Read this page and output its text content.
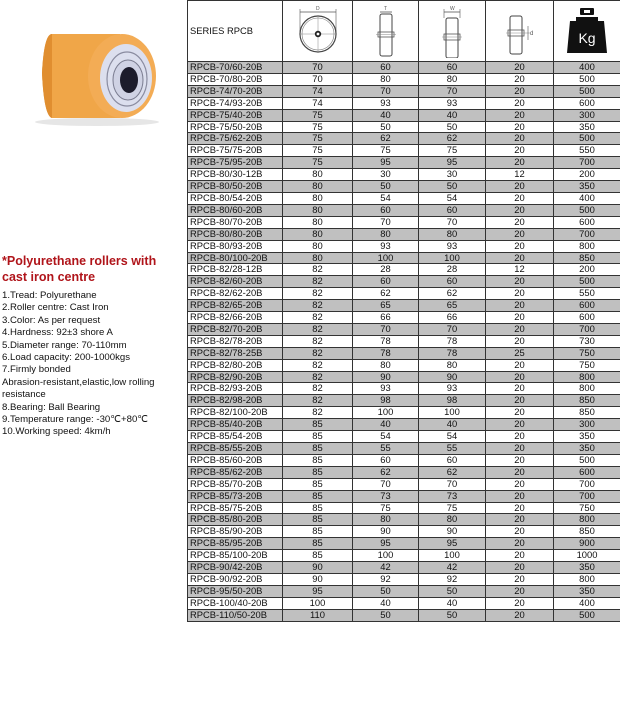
*Polyurethane rollers with cast iron centre
1.Tread: Polyurethane
2.Roller centre: Cast Iron
3.Color: As per request
4.Hardness: 92±3 shore A
5.Diameter range: 70-110mm
6.Load capacity: 200-1000kgs
7.Firmly bonded
Abrasion-resistant,elastic,low rolling resistance
8.Bearing: Ball Bearing
9.Temperature range: -30℃+80℃
10.Working speed: 4km/h
SERIES RPCB	D	T	W	d	Kg

RPCB-70/60-20B	70	60	60	20	400
RPCB-70/80-20B	70	80	80	20	500
RPCB-74/70-20B	74	70	70	20	500
RPCB-74/93-20B	74	93	93	20	600
RPCB-75/40-20B	75	40	40	20	300
RPCB-75/50-20B	75	50	50	20	350
RPCB-75/62-20B	75	62	62	20	500
RPCB-75/75-20B	75	75	75	20	550
RPCB-75/95-20B	75	95	95	20	700
RPCB-80/30-12B	80	30	30	12	200
RPCB-80/50-20B	80	50	50	20	350
RPCB-80/54-20B	80	54	54	20	400
RPCB-80/60-20B	80	60	60	20	500
RPCB-80/70-20B	80	70	70	20	600
RPCB-80/80-20B	80	80	80	20	700
RPCB-80/93-20B	80	93	93	20	800
RPCB-80/100-20B	80	100	100	20	850
RPCB-82/28-12B	82	28	28	12	200
RPCB-82/60-20B	82	60	60	20	500
RPCB-82/62-20B	82	62	62	20	550
RPCB-82/65-20B	82	65	65	20	600
RPCB-82/66-20B	82	66	66	20	600
RPCB-82/70-20B	82	70	70	20	700
RPCB-82/78-20B	82	78	78	20	730
RPCB-82/78-25B	82	78	78	25	750
RPCB-82/80-20B	82	80	80	20	750
RPCB-82/90-20B	82	90	90	20	800
RPCB-82/93-20B	82	93	93	20	800
RPCB-82/98-20B	82	98	98	20	850
RPCB-82/100-20B	82	100	100	20	850
RPCB-85/40-20B	85	40	40	20	300
RPCB-85/54-20B	85	54	54	20	350
RPCB-85/55-20B	85	55	55	20	350
RPCB-85/60-20B	85	60	60	20	500
RPCB-85/62-20B	85	62	62	20	600
RPCB-85/70-20B	85	70	70	20	700
RPCB-85/73-20B	85	73	73	20	700
RPCB-85/75-20B	85	75	75	20	750
RPCB-85/80-20B	85	80	80	20	800
RPCB-85/90-20B	85	90	90	20	850
RPCB-85/95-20B	85	95	95	20	900
RPCB-85/100-20B	85	100	100	20	1000
RPCB-90/42-20B	90	42	42	20	350
RPCB-90/92-20B	90	92	92	20	800
RPCB-95/50-20B	95	50	50	20	350
RPCB-100/40-20B	100	40	40	20	400
RPCB-110/50-20B	110	50	50	20	500
